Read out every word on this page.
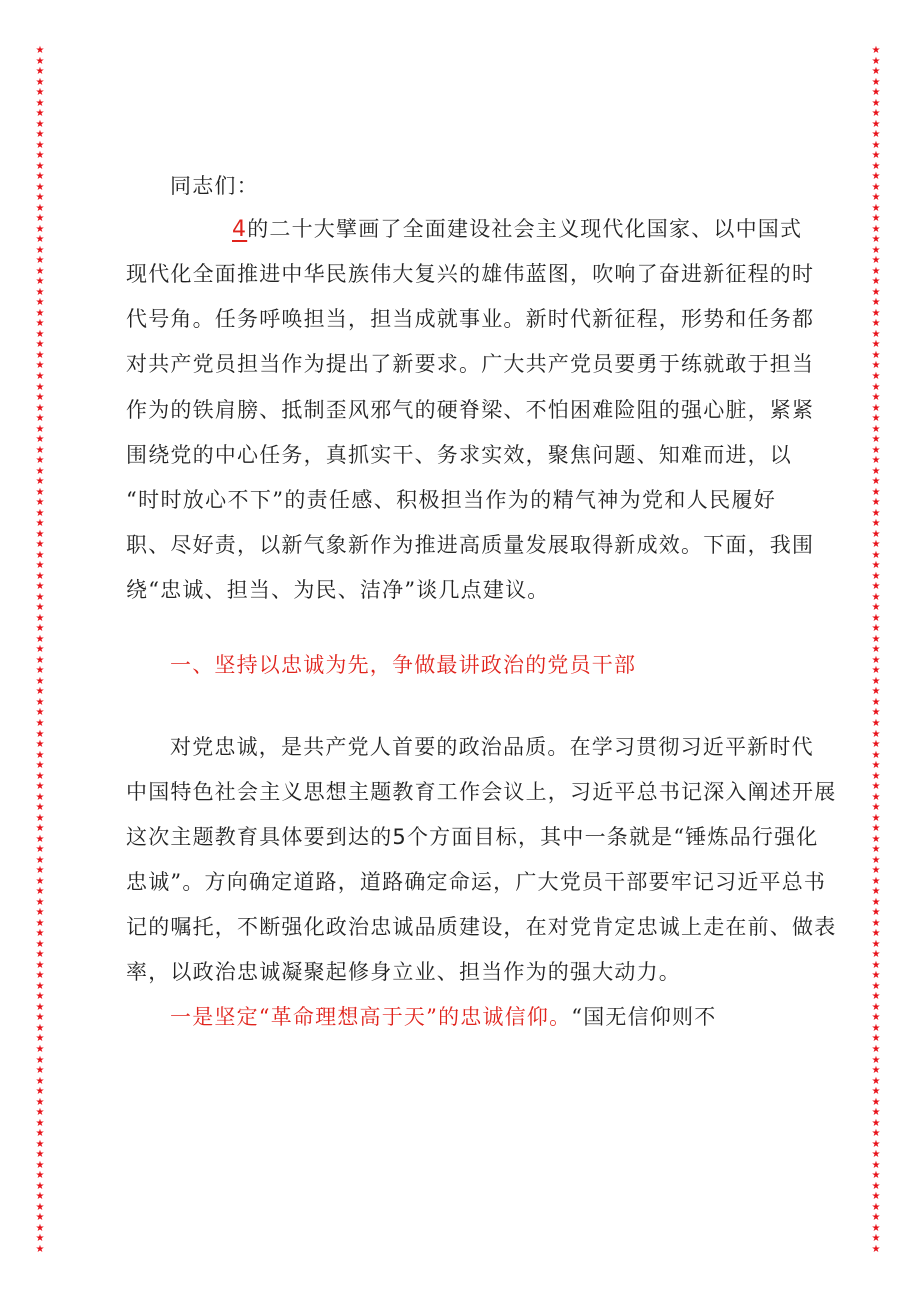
★
★
★
★
★
★
★
★
★
★
★
★
★
★
★
★
★
★
★
★
★
★
★
★
★
★
★
★
★
★
★
★
★
★
★
★
★
★
★
★
★
★
★
★
★
★
★
★
★
★
★
★
★
★
★
★
★
★
★
★
★
★
★
★
★
★
★
★
★
★
★
★
★
★
★
★
★
★
★
★
★
★
★
★
★
★
★
★
★
★
★
★
★
★
★
★
★
★
★
★
★
★
★
★
★
★
★
★
★
★
★
★
★
★
★
★
★
★
★
★
★
★
★
★
★
★
★
★
★
★
★
★
★
★
★
★
★
★
★
★
★
★
★
★
★
★
★
★
★
★
★
★
★
★
★
★
★
★
★
★
★
★
★
★
★
★
★
★
★
★
★
★
★
★
★
★
★
★
★
★
★
★
★
★
★
★
★
★
★
★
★
★
★
★
★
★
★
★
★
★
★
★
★
★
★
★
★
★
★
★
★
★
★
★
★
★
★
★
★
★
★
★
★
★
★
★
★
★
★
★
同志们：
4的二十大擘画了全面建设社会主义现代化国家、以中国式
现代化全面推进中华民族伟大复兴的雄伟蓝图，吹响了奋进新征程的时
代号角。任务呼唤担当，担当成就事业。新时代新征程，形势和任务都
对共产党员担当作为提出了新要求。广大共产党员要勇于练就敢于担当
作为的铁肩膀、抵制歪风邪气的硬脊梁、不怕困难险阻的强心脏，紧紧
围绕党的中心任务，真抓实干、务求实效，聚焦问题、知难而进，以
“时时放心不下”的责任感、积极担当作为的精气神为党和人民履好
职、尽好责，以新气象新作为推进高质量发展取得新成效。下面，我围
绕“忠诚、担当、为民、洁净”谈几点建议。
一、坚持以忠诚为先，争做最讲政治的党员干部
对党忠诚，是共产党人首要的政治品质。在学习贯彻习近平新时代
中国特色社会主义思想主题教育工作会议上，习近平总书记深入阐述开展
这次主题教育具体要到达的5个方面目标，其中一条就是“锤炼品行强化
忠诚”。方向确定道路，道路确定命运，广大党员干部要牢记习近平总书
记的嘱托，不断强化政治忠诚品质建设，在对党肯定忠诚上走在前、做表
率，以政治忠诚凝聚起修身立业、担当作为的强大动力。
一是坚定“革命理想高于天”的忠诚信仰。“国无信仰则不
